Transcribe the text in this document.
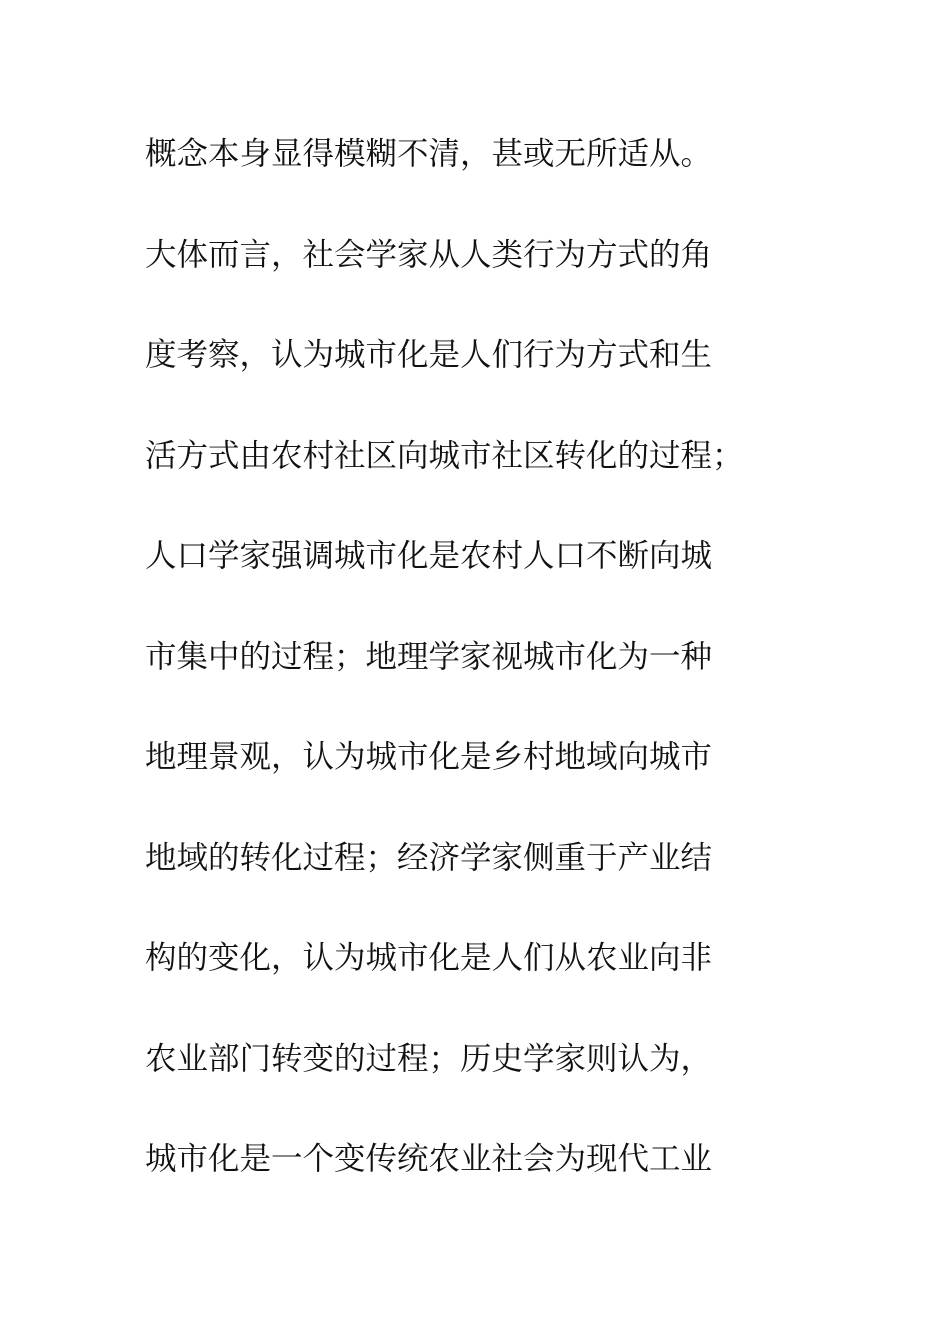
概念本身显得模糊不清，甚或无所适从。
大体而言，社会学家从人类行为方式的角
度考察，认为城市化是人们行为方式和生
活方式由农村社区向城市社区转化的过程；
人口学家强调城市化是农村人口不断向城
市集中的过程；地理学家视城市化为一种
地理景观，认为城市化是乡村地域向城市
地域的转化过程；经济学家侧重于产业结
构的变化，认为城市化是人们从农业向非
农业部门转变的过程；历史学家则认为，
城市化是一个变传统农业社会为现代工业
